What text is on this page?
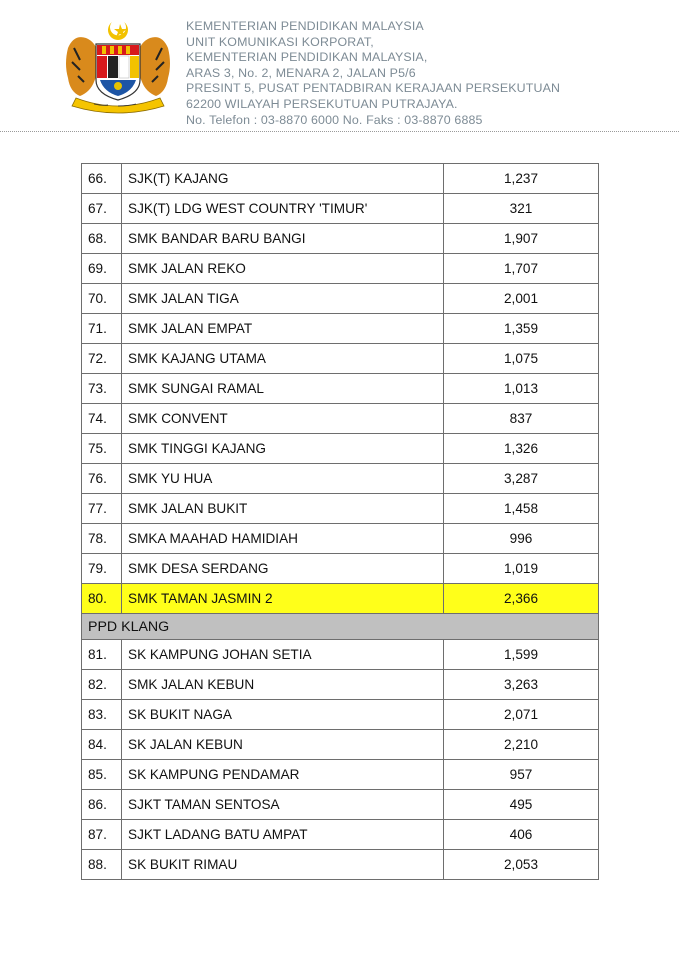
KEMENTERIAN PENDIDIKAN MALAYSIA
UNIT KOMUNIKASI KORPORAT,
KEMENTERIAN PENDIDIKAN MALAYSIA,
ARAS 3, No. 2, MENARA 2, JALAN P5/6
PRESINT 5, PUSAT PENTADBIRAN KERAJAAN PERSEKUTUAN
62200 WILAYAH PERSEKUTUAN PUTRAJAYA.
No. Telefon : 03-8870 6000 No. Faks : 03-8870 6885
66.	SJK(T) KAJANG	1,237
67.	SJK(T) LDG WEST COUNTRY 'TIMUR'	321
68.	SMK BANDAR BARU BANGI	1,907
69.	SMK JALAN REKO	1,707
70.	SMK JALAN TIGA	2,001
71.	SMK JALAN EMPAT	1,359
72.	SMK KAJANG UTAMA	1,075
73.	SMK SUNGAI RAMAL	1,013
74.	SMK CONVENT	837
75.	SMK TINGGI KAJANG	1,326
76.	SMK YU HUA	3,287
77.	SMK JALAN BUKIT	1,458
78.	SMKA MAAHAD HAMIDIAH	996
79.	SMK DESA SERDANG	1,019
80.	SMK TAMAN JASMIN 2	2,366
PPD KLANG		
81.	SK KAMPUNG JOHAN SETIA	1,599
82.	SMK JALAN KEBUN	3,263
83.	SK BUKIT NAGA	2,071
84.	SK JALAN KEBUN	2,210
85.	SK KAMPUNG PENDAMAR	957
86.	SJKT TAMAN SENTOSA	495
87.	SJKT LADANG BATU AMPAT	406
88.	SK BUKIT RIMAU	2,053
